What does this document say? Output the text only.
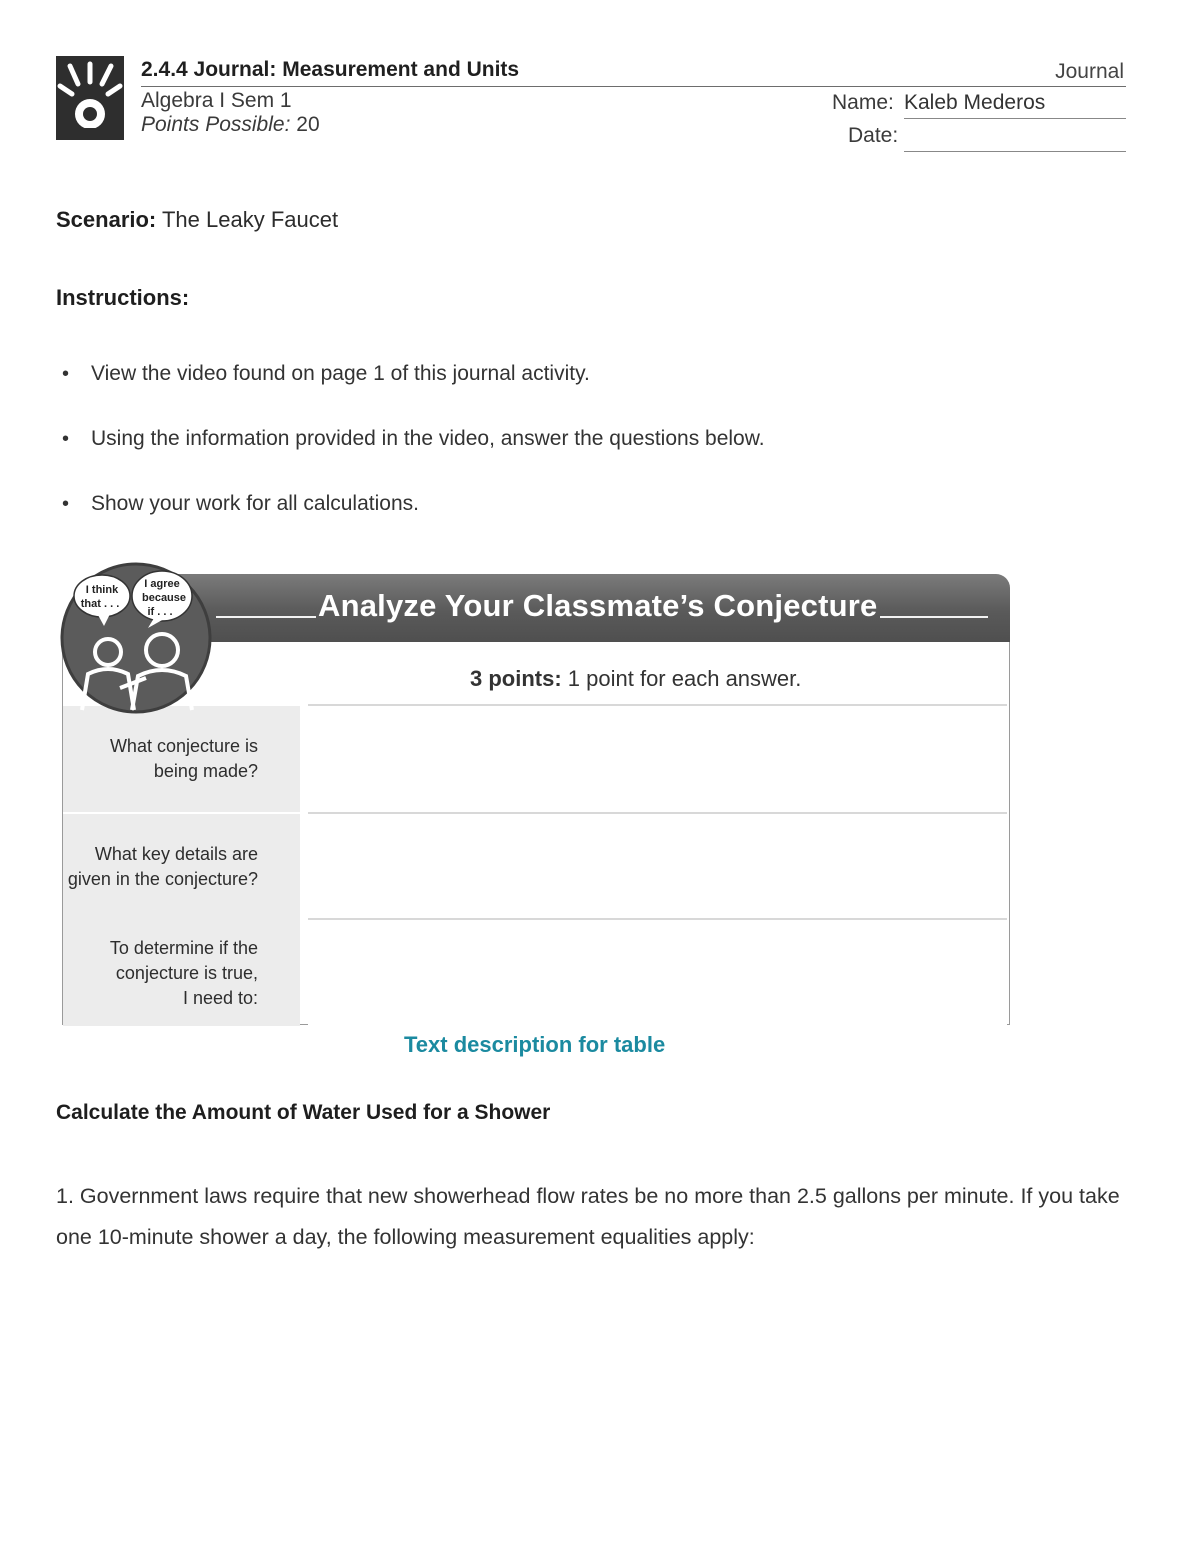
2.4.4 Journal: Measurement and Units	Journal
Algebra I Sem 1
Points Possible: 20
Name: Kaleb Mederos
Date:
Scenario: The Leaky Faucet
Instructions:
• View the video found on page 1 of this journal activity.
• Using the information provided in the video, answer the questions below.
• Show your work for all calculations.
Analyze Your Classmate’s Conjecture
3 points: 1 point for each answer.
What conjecture is
being made?
What key details are
given in the conjecture?
To determine if the
conjecture is true,
I need to:
I think
that . . .
I agree
because
if . . .
Text description for table
Calculate the Amount of Water Used for a Shower
1. Government laws require that new showerhead flow rates be no more than 2.5 gallons per minute. If you take one 10-minute shower a day, the following measurement equalities apply:
